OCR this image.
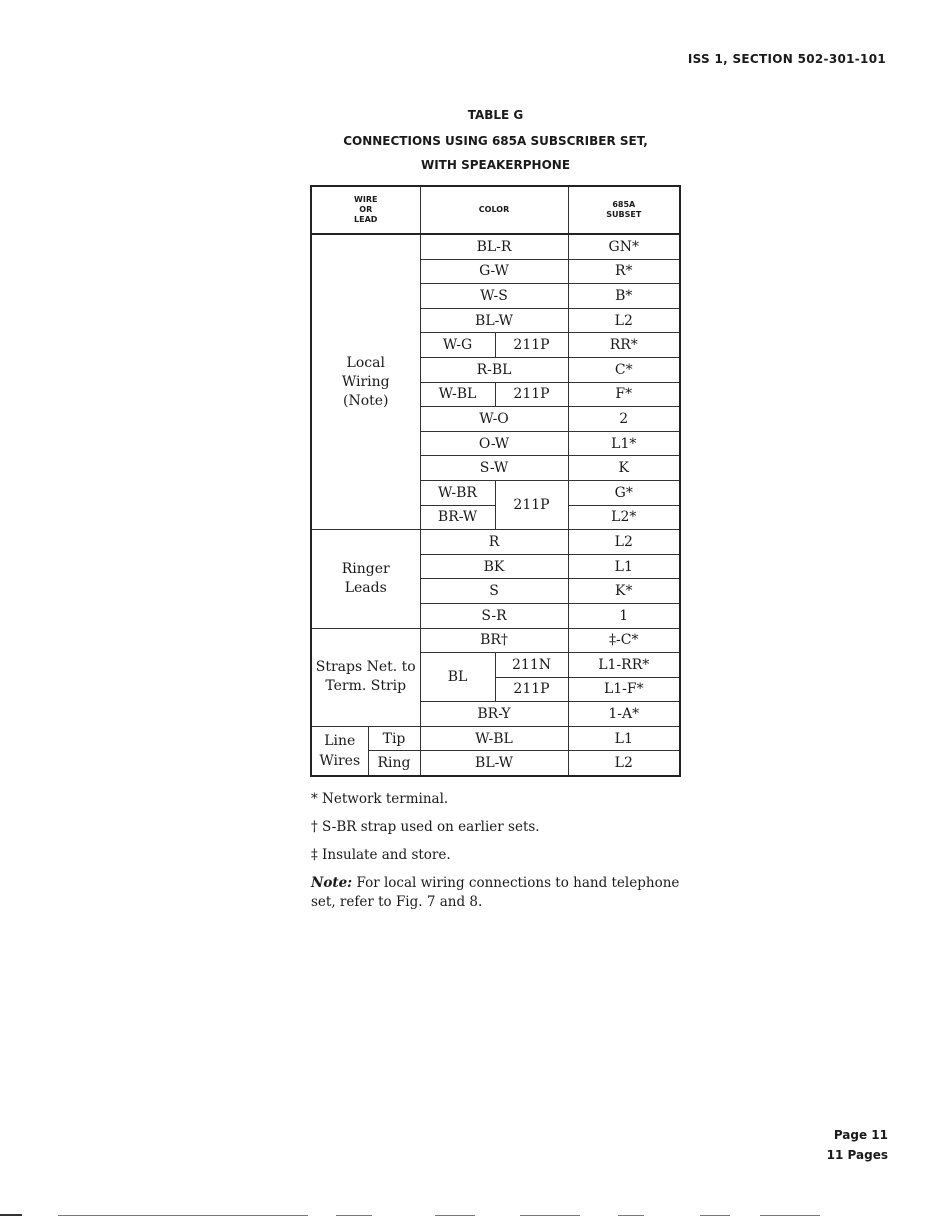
ISS 1, SECTION 502-301-101
TABLE G
CONNECTIONS USING 685A SUBSCRIBER SET,
WITH SPEAKERPHONE
WIRE OR LEAD		COLOR		685A SUBSET
Local Wiring (Note)		BL-R		GN*
		G-W		R*
		W-S		B*
		BL-W		L2
		W-G	211P	RR*
		R-BL		C*
		W-BL	211P	F*
		W-O		2
		O-W		L1*
		S-W		K
		W-BR	211P	G*
		BR-W		L2*
Ringer Leads		R		L2
		BK		L1
		S		K*
		S-R		1
Straps Net. to Term. Strip		BR†		‡-C*
		BL	211N	L1-RR*
			211P	L1-F*
		BR-Y		1-A*
Line Wires	Tip	W-BL		L1
	Ring	BL-W		L2
* Network terminal.
† S-BR strap used on earlier sets.
‡ Insulate and store.
Note: For local wiring connections to hand telephone set, refer to Fig. 7 and 8.
Page 11
11 Pages
